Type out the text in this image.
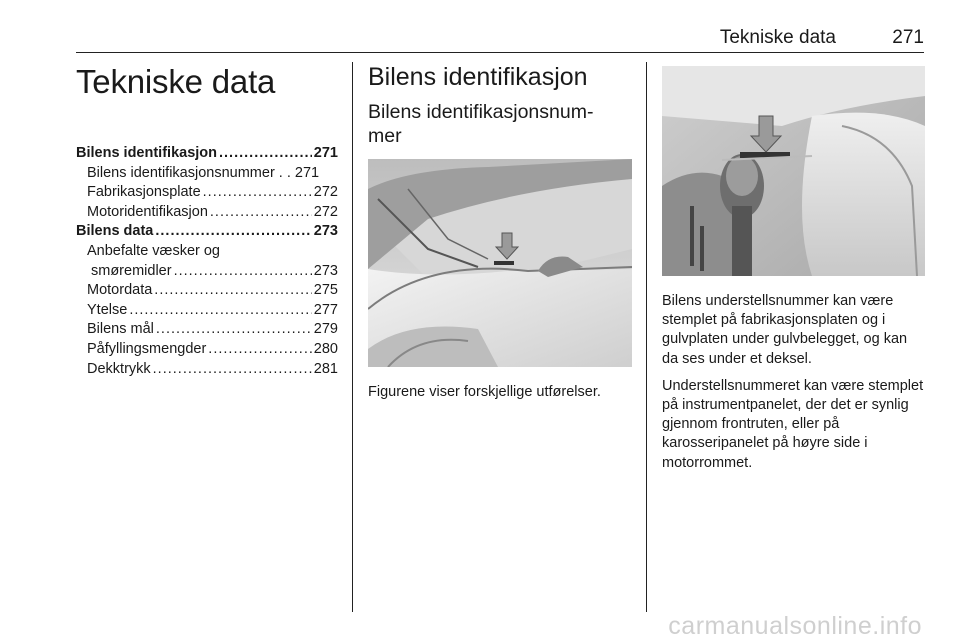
Tekniske data	271
Tekniske data
Bilens identifikasjon .....	271
Bilens identifikasjonsnummer . . 271
Fabrikasjonsplate .....	272
Motoridentifikasjon .....	272
Bilens data .....	273
Anbefalte væsker og
smøremidler .....	273
Motordata .....	275
Ytelse .....	277
Bilens mål .....	279
Påfyllingsmengder .....	280
Dekktrykk .....	281
Bilens identifikasjon
Bilens identifikasjonsnum-
mer
Figurene viser forskjellige utførelser.

Bilens understellsnummer kan være stemplet på fabrikasjonsplaten og i gulvplaten under gulvbelegget, og kan da ses under et deksel.

Understellsnummeret kan være stemplet på instrumentpanelet, der det er synlig gjennom frontruten, eller på karosseripanelet på høyre side i motorrommet.

carmanualsonline.info
